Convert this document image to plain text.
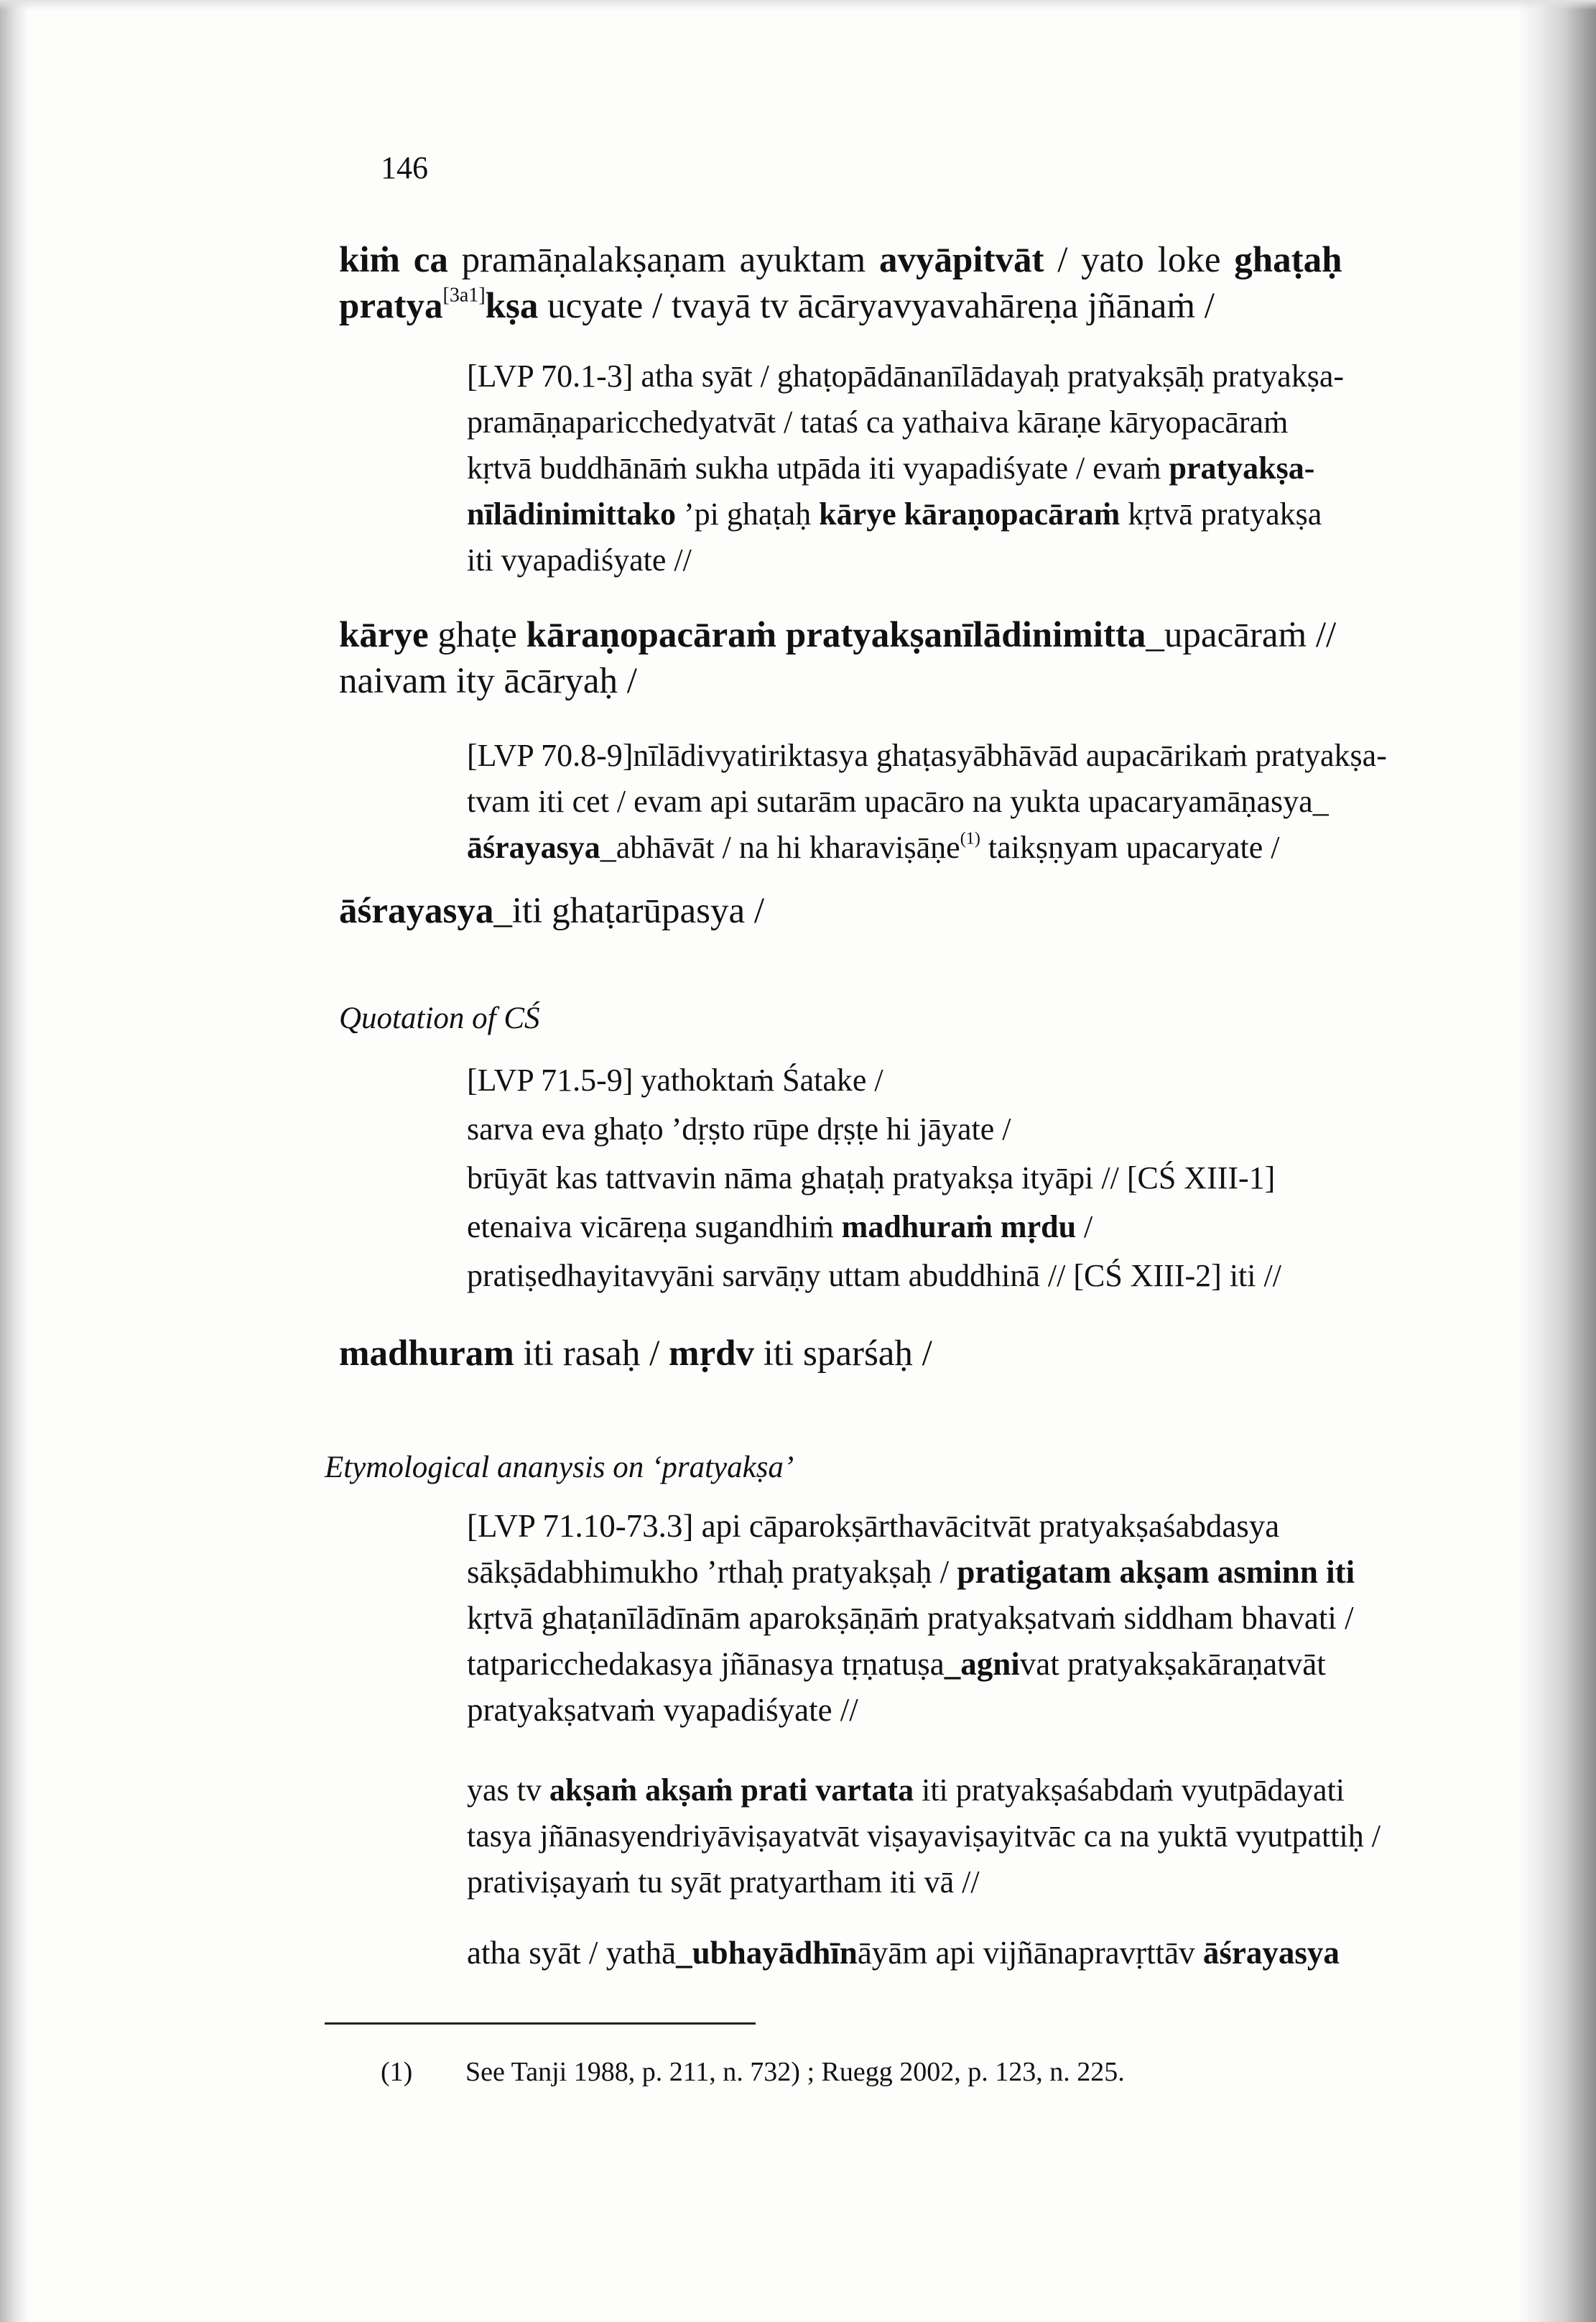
146
kiṁ ca pramāṇalakṣaṇam ayuktam avyāpitvāt / yato loke ghaṭaḥ
pratya[3a1]kṣa ucyate / tvayā tv ācāryavyavahāreṇa jñānaṁ /
[LVP 70.1-3] atha syāt / ghaṭopādānanīlādayaḥ pratyakṣāḥ pratyakṣa-
pramāṇaparicchedyatvāt / tataś ca yathaiva kāraṇe kāryopacāraṁ
kṛtvā buddhānāṁ sukha utpāda iti vyapadiśyate / evaṁ pratyakṣa-
nīlādinimittako ’pi ghaṭaḥ kārye kāraṇopacāraṁ kṛtvā pratyakṣa
iti vyapadiśyate //
kārye ghaṭe kāraṇopacāraṁ pratyakṣanīlādinimitta_upacāraṁ //
naivam ity ācāryaḥ /
[LVP 70.8-9]nīlādivyatiriktasya ghaṭasyābhāvād aupacārikaṁ pratyakṣa-
tvam iti cet / evam api sutarām upacāro na yukta upacaryamāṇasya_
āśrayasya_abhāvāt / na hi kharaviṣāṇe$^{(1)}$ taikṣṇyam upacaryate /
āśrayasya_iti ghaṭarūpasya /
Quotation of CŚ
[LVP 71.5-9] yathoktaṁ Śatake /
sarva eva ghaṭo ’dṛṣto rūpe dṛṣṭe hi jāyate /
brūyāt kas tattvavin nāma ghaṭaḥ pratyakṣa ityāpi // [CŚ XIII-1]
etenaiva vicāreṇa sugandhiṁ madhuraṁ mṛdu /
pratiṣedhayitavyāni sarvāṇy uttam abuddhinā // [CŚ XIII-2] iti //
madhuram iti rasaḥ / mṛdv iti sparśaḥ /
Etymological ananysis on ‘pratyakṣa’
[LVP 71.10-73.3] api cāparokṣārthavācitvāt pratyakṣaśabdasya
sākṣādabhimukho ’rthaḥ pratyakṣaḥ / pratigatam akṣam asminn iti
kṛtvā ghaṭanīlādīnām aparokṣāṇāṁ pratyakṣatvaṁ siddham bhavati /
tatparicchedakasya jñānasya tṛṇatuṣa_agnivat pratyakṣakāraṇatvāt
pratyakṣatvaṁ vyapadiśyate //
yas tv akṣaṁ akṣaṁ prati vartata iti pratyakṣaśabdaṁ vyutpādayati
tasya jñānasyendriyāviṣayatvāt viṣayaviṣayitvāc ca na yuktā vyutpattiḥ /
prativiṣayaṁ tu syāt pratyartham iti vā //
atha syāt / yathā_ubhayādhīnāyām api vijñānapravṛttāv āśrayasya
(1) See Tanji 1988, p. 211, n. 732) ; Ruegg 2002, p. 123, n. 225.
